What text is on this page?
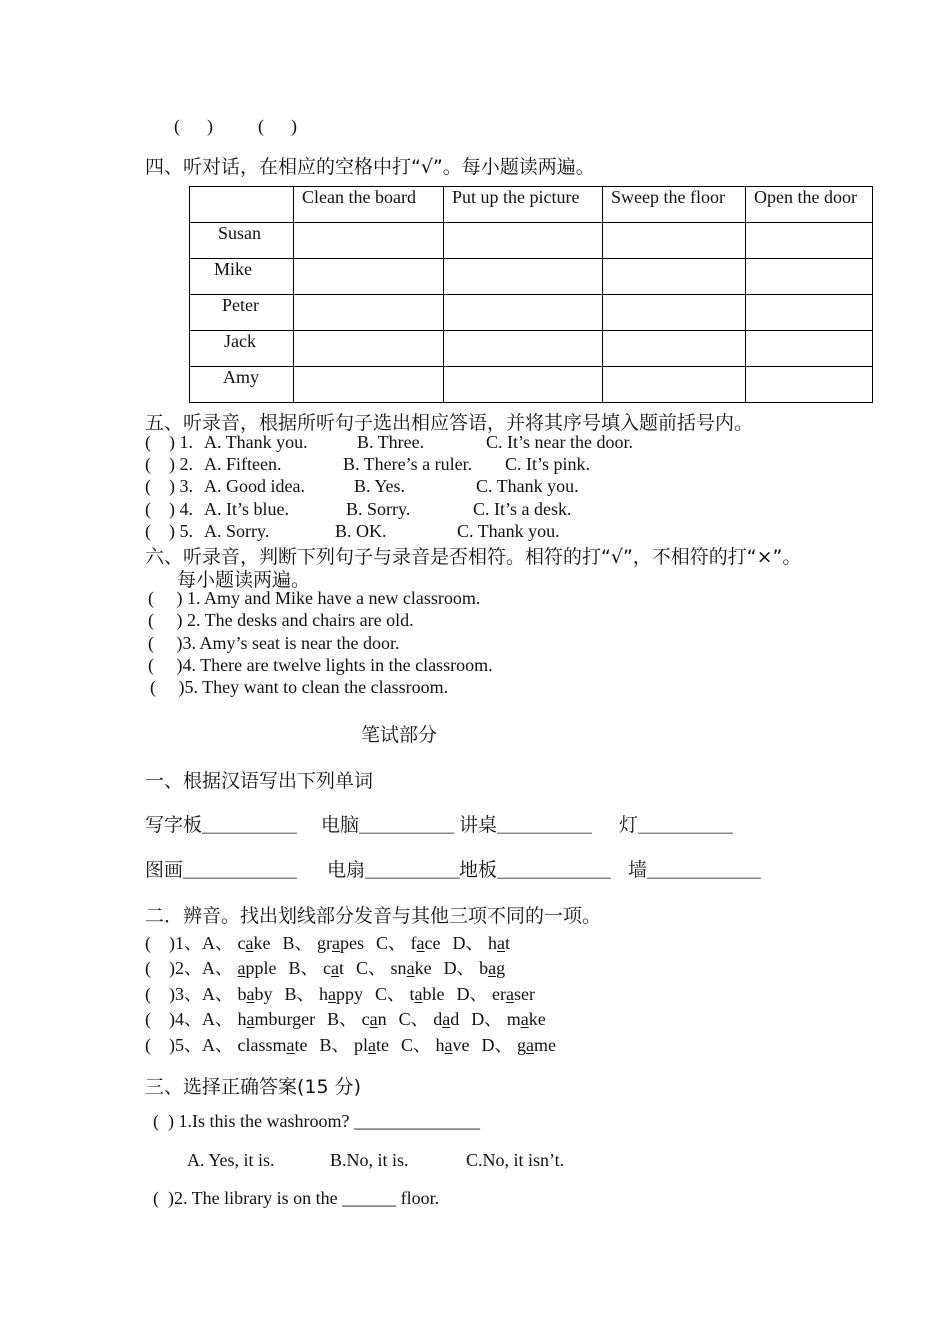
(      )          (      )
四、听对话，在相应的空格中打“√”。每小题读两遍。
	Clean the board	Put up the picture	Sweep the floor	Open the door
Susan				
Mike				
Peter				
Jack				
Amy				
五、听录音，根据所听句子选出相应答语，并将其序号填入题前括号内。
(    ) 1. A. Thank you.	B. Three.	C. It’s near the door.
(    ) 2. A. Fifteen.	B. There’s a ruler. C. It’s pink.
(    ) 3. A. Good idea.	B. Yes.	C. Thank you.
(    ) 4. A. It’s blue.	B. Sorry.	C. It’s a desk.
(    ) 5. A. Sorry.	B. OK.	C. Thank you.
六、听录音，判断下列句子与录音是否相符。相符的打“√”，不相符的打“×”。
每小题读两遍。
(     ) 1. Amy and Mike have a new classroom.
(     ) 2. The desks and chairs are old.
(     )3. Amy’s seat is near the door.
(     )4. There are twelve lights in the classroom.
(     )5. They want to clean the classroom.
笔试部分
一、根据汉语写出下列单词
写字板＿＿＿＿＿ 电脑＿＿＿＿＿ 讲桌＿＿＿＿＿ 灯＿＿＿＿＿
图画＿＿＿＿＿＿ 电扇＿＿＿＿＿
地板＿＿＿＿＿＿ 墙＿＿＿＿＿＿
二．辨音。找出划线部分发音与其他三项不同的一项。
(    )1、A、 cake B、 grapes C、 face D、 hat
(    )2、A、 apple B、 cat C、 snake D、 bag
(    )3、A、 baby B、 happy C、 table D、 eraser
(    )4、A、 hamburger B、 can C、 dad D、 make
(    )5、A、 classmate B、 plate C、 have D、 game
三、选择正确答案(15 分)
(  ) 1.Is this the washroom? ______________
A. Yes, it is.	B.No, it is.	C.No, it isn’t.
(  )2. The library is on the ______ floor.
